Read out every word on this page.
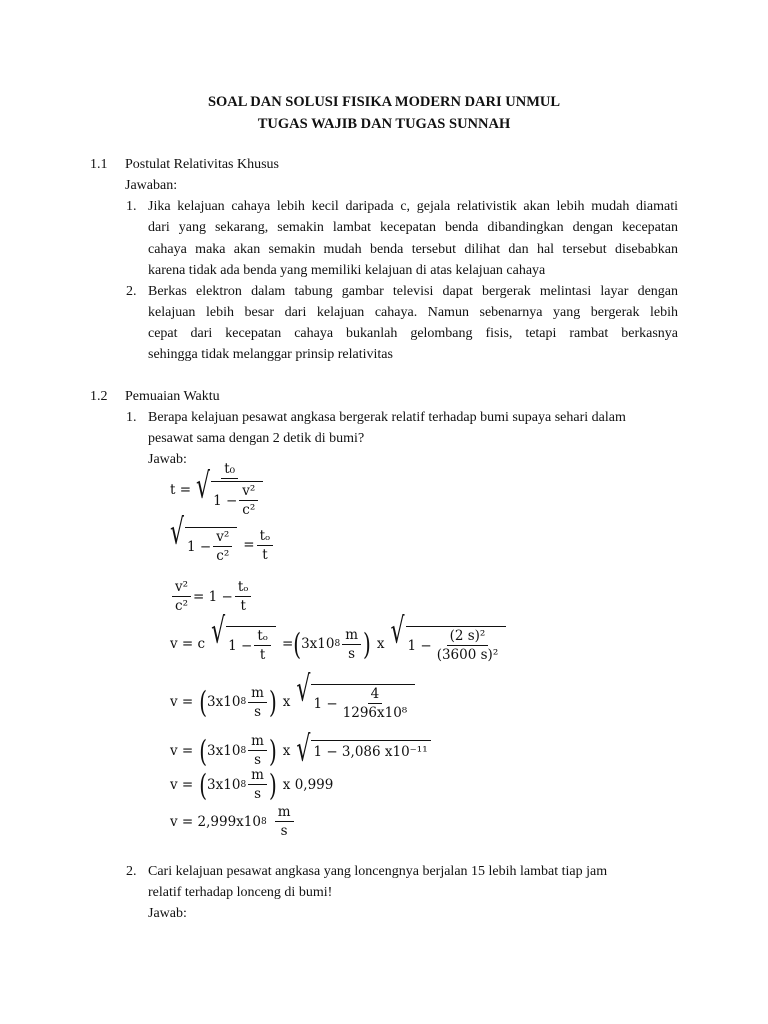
SOAL DAN SOLUSI FISIKA MODERN DARI UNMUL
TUGAS WAJIB DAN TUGAS SUNNAH
1.1 Postulat Relativitas Khusus
Jawaban:
1. Jika kelajuan cahaya lebih kecil daripada c, gejala relativistik akan lebih mudah diamati
dari yang sekarang, semakin lambat kecepatan benda dibandingkan dengan kecepatan
cahaya maka akan semakin mudah benda tersebut dilihat dan hal tersebut disebabkan
karena tidak ada benda yang memiliki kelajuan di atas kelajuan cahaya
2. Berkas elektron dalam tabung gambar televisi dapat bergerak melintasi layar dengan
kelajuan lebih besar dari kelajuan cahaya. Namun sebenarnya yang bergerak lebih
cepat dari kecepatan cahaya bukanlah gelombang fisis, tetapi rambat berkasnya
sehingga tidak melanggar prinsip relativitas
1.2 Pemuaian Waktu
1. Berapa kelajuan pesawat angkasa bergerak relatif terhadap bumi supaya sehari dalam
pesawat sama dengan 2 detik di bumi?
Jawab:
$t = \frac{\text{t₀}}{√ 1 - \frac{\text{v²}}{\text{c²}}}$
√ $1 - \frac{\text{v²}}{\text{c²}} = \frac{\text{tₒ}}{t}$
$\frac{\text{v²}}{\text{c²}} = 1 - \frac{\text{tₒ}}{t}$
v = c √ $1 - \frac{\text{tₒ}}{t}$ = ( 3x10 $8 \frac{m}{s}$ ) x √ $1 - \frac{\text{(2 s)²}}{\text{(3600 s)²}}$
v = ( 3x10 $8 \frac{m}{s}$ ) x √ $1 - \frac{4}{\text{1296x10⁸}}$
v = ( 3x10 $8 \frac{m}{s}$ ) x √ 1 − 3,086 x10⁻¹¹
v = ( 3x10 $8 \frac{m}{s}$ ) x 0,999
v = 2,999x10 $8 \frac{m}{s}$
2. Cari kelajuan pesawat angkasa yang loncengnya berjalan 15 lebih lambat tiap jam
relatif terhadap lonceng di bumi!
Jawab:
